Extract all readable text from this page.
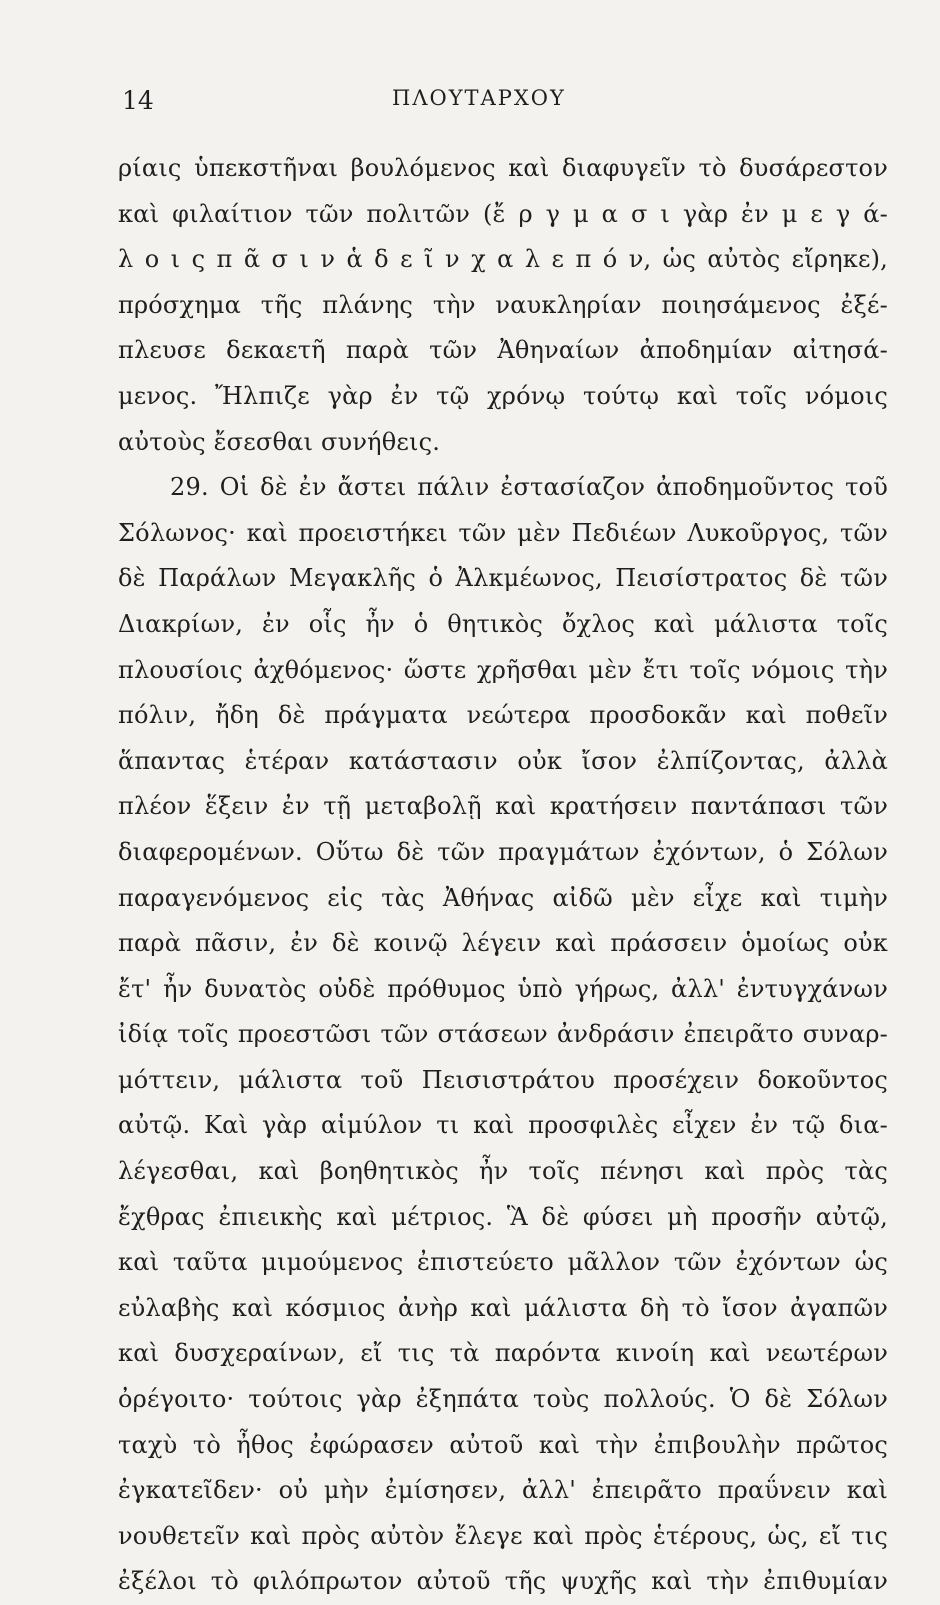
14	ΠΛΟΥΤΑΡΧΟΥ
ρίαις ὑπεκστῆναι βουλόμενος καὶ διαφυγεῖν τὸ δυσάρεστον
καὶ φιλαίτιον τῶν πολιτῶν (ἔ ρ γ μ α σ ι γὰρ ἐν μ ε γ ά-
λ ο ι ς π ᾶ σ ι ν ἁ δ ε ῖ ν χ α λ ε π ό ν, ὡς αὐτὸς εἴρηκε),
πρόσχημα τῆς πλάνης τὴν ναυκληρίαν ποιησάμενος ἐξέ-
πλευσε δεκαετῆ παρὰ τῶν Ἀθηναίων ἀποδημίαν αἰτησά-
μενος. Ἤλπιζε γὰρ ἐν τῷ χρόνῳ τούτῳ καὶ τοῖς νόμοις
αὐτοὺς ἔσεσθαι συνήθεις.
29. Οἱ δὲ ἐν ἄστει πάλιν ἐστασίαζον ἀποδημοῦντος τοῦ
Σόλωνος· καὶ προειστήκει τῶν μὲν Πεδιέων Λυκοῦργος, τῶν
δὲ Παράλων Μεγακλῆς ὁ Ἀλκμέωνος, Πεισίστρατος δὲ τῶν
Διακρίων, ἐν οἷς ἦν ὁ θητικὸς ὄχλος καὶ μάλιστα τοῖς
πλουσίοις ἀχθόμενος· ὥστε χρῆσθαι μὲν ἔτι τοῖς νόμοις τὴν
πόλιν, ἤδη δὲ πράγματα νεώτερα προσδοκᾶν καὶ ποθεῖν
ἅπαντας ἑτέραν κατάστασιν οὐκ ἴσον ἐλπίζοντας, ἀλλὰ
πλέον ἕξειν ἐν τῇ μεταβολῇ καὶ κρατήσειν παντάπασι τῶν
διαφερομένων. Οὕτω δὲ τῶν πραγμάτων ἐχόντων, ὁ Σόλων
παραγενόμενος εἰς τὰς Ἀθήνας αἰδῶ μὲν εἶχε καὶ τιμὴν
παρὰ πᾶσιν, ἐν δὲ κοινῷ λέγειν καὶ πράσσειν ὁμοίως οὐκ
ἔτ' ἦν δυνατὸς οὐδὲ πρόθυμος ὑπὸ γήρως, ἀλλ' ἐντυγχάνων
ἰδίᾳ τοῖς προεστῶσι τῶν στάσεων ἀνδράσιν ἐπειρᾶτο συναρ-
μόττειν, μάλιστα τοῦ Πεισιστράτου προσέχειν δοκοῦντος
αὐτῷ. Καὶ γὰρ αἱμύλον τι καὶ προσφιλὲς εἶχεν ἐν τῷ δια-
λέγεσθαι, καὶ βοηθητικὸς ἦν τοῖς πένησι καὶ πρὸς τὰς
ἔχθρας ἐπιεικὴς καὶ μέτριος. Ἃ δὲ φύσει μὴ προσῆν αὐτῷ,
καὶ ταῦτα μιμούμενος ἐπιστεύετο μᾶλλον τῶν ἐχόντων ὡς
εὐλαβὴς καὶ κόσμιος ἀνὴρ καὶ μάλιστα δὴ τὸ ἴσον ἀγαπῶν
καὶ δυσχεραίνων, εἴ τις τὰ παρόντα κινοίη καὶ νεωτέρων
ὀρέγοιτο· τούτοις γὰρ ἐξηπάτα τοὺς πολλούς. Ὁ δὲ Σόλων
ταχὺ τὸ ἦθος ἐφώρασεν αὐτοῦ καὶ τὴν ἐπιβουλὴν πρῶτος
ἐγκατεῖδεν· οὐ μὴν ἐμίσησεν, ἀλλ' ἐπειρᾶτο πραΰνειν καὶ
νουθετεῖν καὶ πρὸς αὐτὸν ἔλεγε καὶ πρὸς ἑτέρους, ὡς, εἴ τις
ἐξέλοι τὸ φιλόπρωτον αὐτοῦ τῆς ψυχῆς καὶ τὴν ἐπιθυμίαν
